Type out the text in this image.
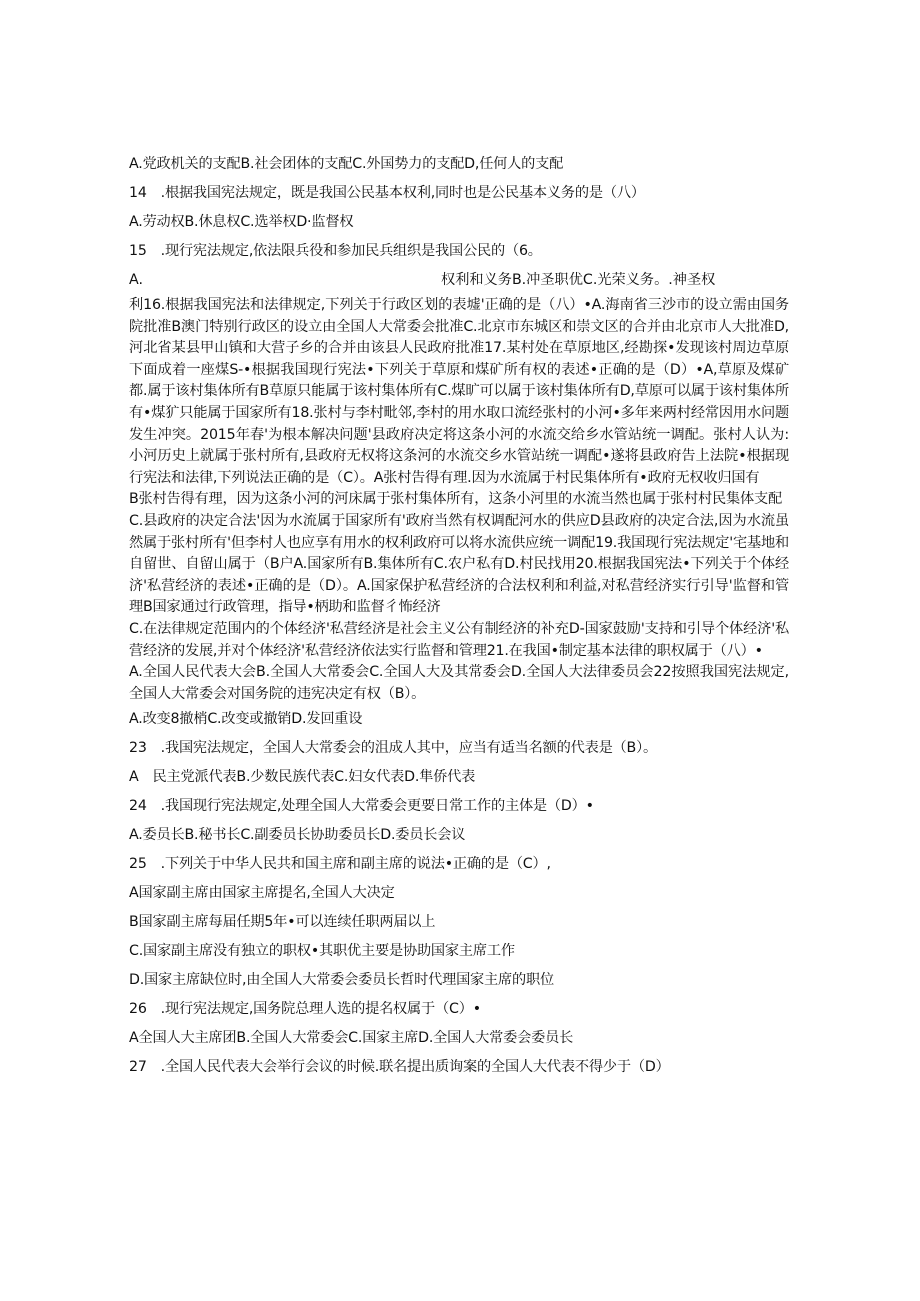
A.党政机关的支配B.社会团体的支配C.外国势力的支配D,任何人的支配
14　.根据我国宪法规定，既是我国公民基本权利,同时也是公民基本义务的是（八）
A.劳动权B.休息权C.选举权D·监督权
15　.现行宪法规定,依法限兵役和参加民兵组织是我国公民的（6。
A.	权利和义务B.冲圣职优C.光荣义务。.神圣权
利16.根据我国宪法和法律规定,下列关于行政区划的表墟'正确的是（八）•A.海南省三沙市的设立需由国务院批准B澳门特别行政区的设立由全国人大常委会批准C.北京市东城区和崇文区的合并由北京市人大批准D,河北省某县甲山镇和大营子乡的合并由该县人民政府批准17.某村处在草原地区,经勘探•发现该村周边草原下面成着一座煤S-•根据我国现行宪法•下列关于草原和煤矿所有权的表述•正确的是（D）•A,草原及煤矿都.属于该村集体所有B草原只能属于该村集体所有C.煤旷可以属于该村集体所有D,草原可以属于该村集体所有•煤犷只能属于国家所有18.张村与李村毗邻,李村的用水取口流经张村的小河•多年来两村经常因用水问题发生冲突。2015年春'为根本解决问题'县政府决定将这条小河的水流交给乡水管站统一调配。张村人认为:小河历史上就属于张村所有,县政府无权将这条河的水流交乡水管站统一调配•遂将县政府告上法院•根据现行宪法和法律,下列说法正确的是（C）。A张村告得有理.因为水流属于村民集体所有•政府无权收归国有
B张村告得有理，因为这条小河的河床属于张村集体所有，这条小河里的水流当然也属于张村村民集体支配
C.县政府的决定合法'因为水流属于国家所有'政府当然有权调配河水的供应D县政府的决定合法,因为水流虽然属于张村所有'但李村人也应享有用水的权利政府可以将水流供应统一调配19.我国现行宪法规定'宅基地和自留世、自留山属于（B户A.国家所有B.集体所有C.农户私有D.村民找用20.根据我国宪法•下列关于个体经济'私营经济的表述•正确的是（D）。A.国家保护私营经济的合法权利和利益,对私营经济实行引导'监督和管理B国家通过行政管理，指导•柄助和监督彳怖经济
C.在法律规定范围内的个体经济'私营经济是社会主义公有制经济的补充D-国家鼓励'支持和引导个体经济'私营经济的发展,并对个体经济'私营经济依法实行监督和管理21.在我国•制定基本法律的职权属于（八）•
A.全国人民代表大会B.全国人大常委会C.全国人大及其常委会D.全国人大法律委员会22按照我国宪法规定,全国人大常委会对国务院的违宪决定有权（B）。
A.改变8撤梢C.改变或撤销D.发回重设
23　.我国宪法规定，全国人大常委会的沮成人其中，应当有适当名额的代表是（B）。
A　民主党派代表B.少数民族代表C.妇女代表D.隼侨代表
24　.我国现行宪法规定,处理全国人大常委会更要日常工作的主体是（D）•
A.委员长B.秘书长C.副委员长协助委员长D.委员长会议
25　.下列关于中华人民共和国主席和副主席的说法•正确的是（C）,
A国家副主席由国家主席提名,全国人大决定
B国家副主席每届任期5年•可以连续任职两届以上
C.国家副主席没有独立的职权•其职优主要是协助国家主席工作
D.国家主席缺位时,由全国人大常委会委员长哲时代理国家主席的职位
26　.现行宪法规定,国务院总理人选的提名权属于（C）•
A全国人大主席团B.全国人大常委会C.国家主席D.全国人大常委会委员长
27　.全国人民代表大会举行会议的时候.联名提出质询案的全国人大代表不得少于（D）
